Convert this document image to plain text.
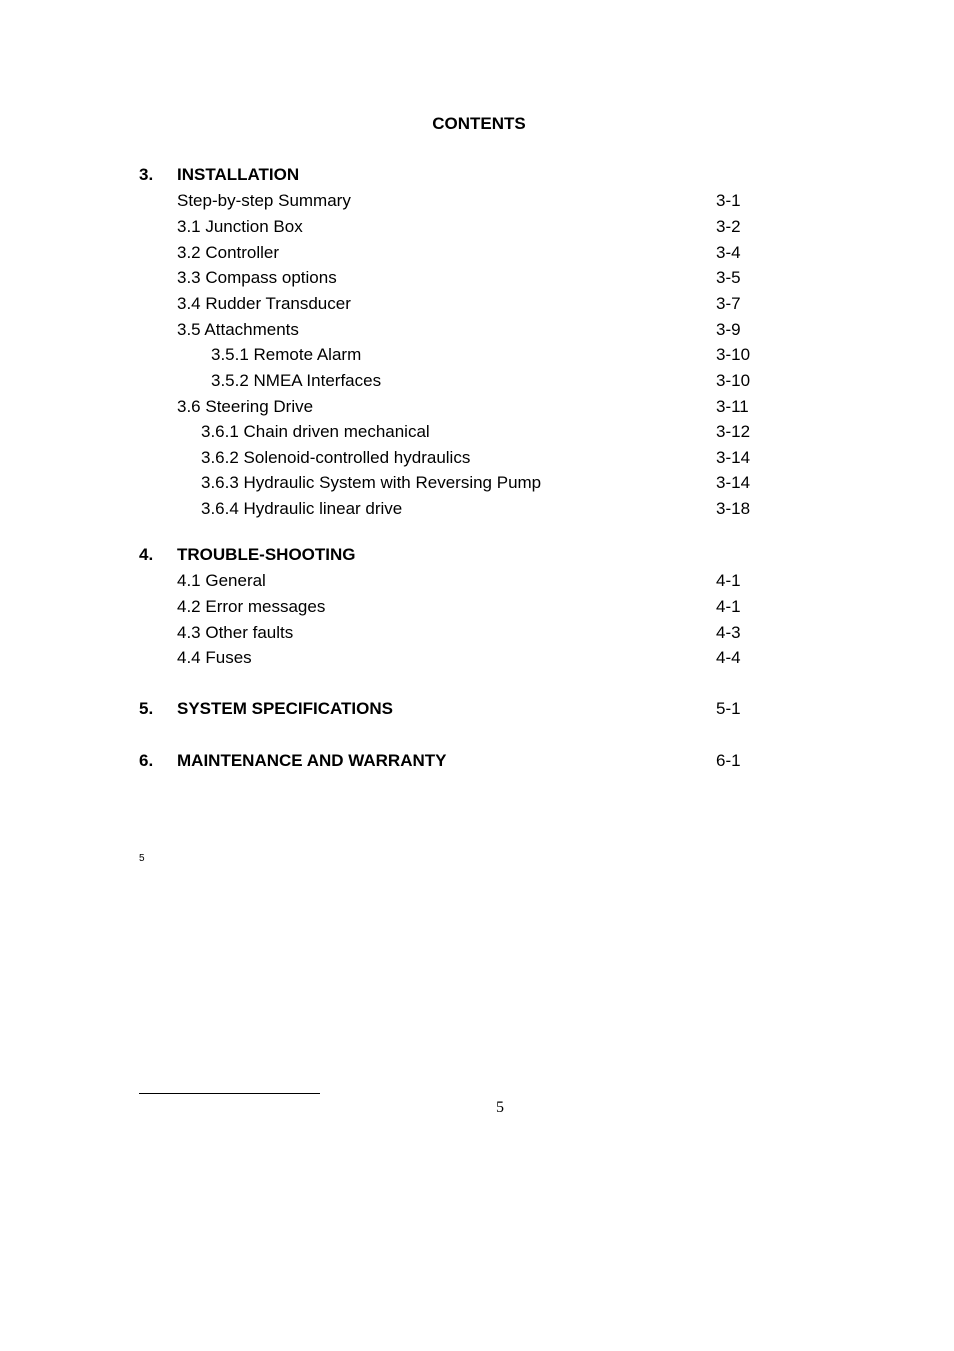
CONTENTS
3. INSTALLATION
Step-by-step Summary	3-1
3.1 Junction Box	3-2
3.2 Controller	3-4
3.3 Compass options	3-5
3.4 Rudder Transducer	3-7
3.5 Attachments	3-9
3.5.1 Remote Alarm	3-10
3.5.2 NMEA Interfaces	3-10
3.6 Steering Drive	3-11
3.6.1 Chain driven mechanical	3-12
3.6.2 Solenoid-controlled hydraulics	3-14
3.6.3 Hydraulic System with Reversing Pump	3-14
3.6.4 Hydraulic linear drive	3-18
4. TROUBLE-SHOOTING
4.1 General	4-1
4.2 Error messages	4-1
4.3 Other faults	4-3
4.4 Fuses	4-4
5. SYSTEM SPECIFICATIONS	5-1
6. MAINTENANCE AND WARRANTY	6-1
5
5
